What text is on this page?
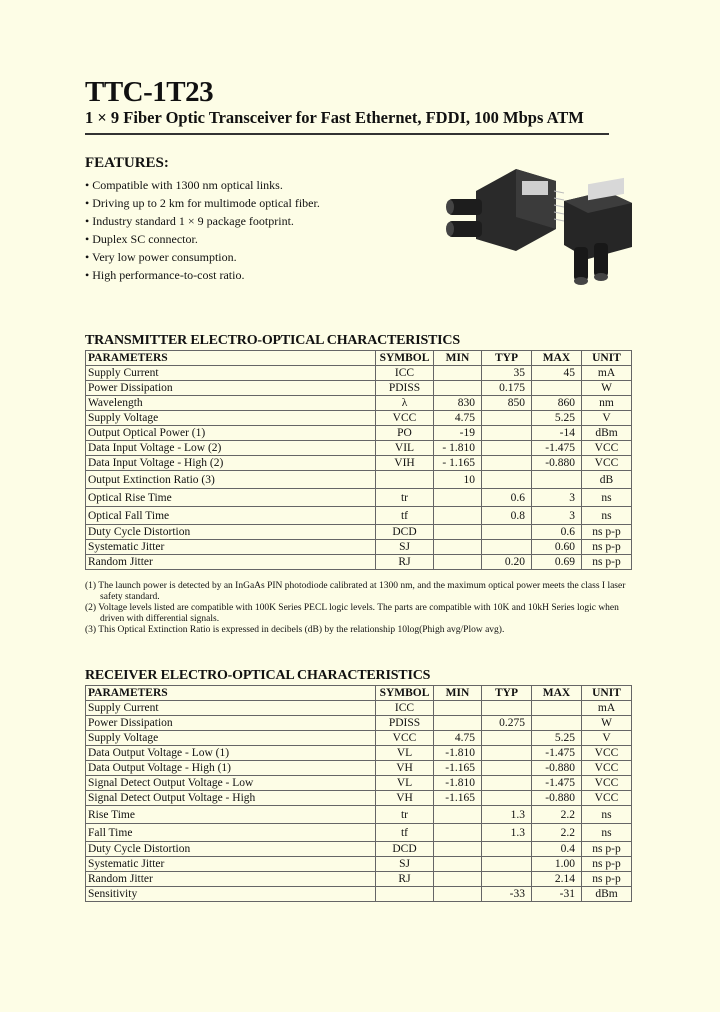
TTC-1T23
1 × 9 Fiber Optic Transceiver for Fast Ethernet, FDDI, 100 Mbps ATM
FEATURES:
• Compatible with 1300 nm optical links.
• Driving up to 2 km for multimode optical fiber.
• Industry standard 1 × 9 package footprint.
• Duplex SC connector.
• Very low power consumption.
• High performance-to-cost ratio.
TRANSMITTER ELECTRO-OPTICAL CHARACTERISTICS
PARAMETERS	SYMBOL	MIN	TYP	MAX	UNIT
Supply Current	ICC		35	45	mA
Power Dissipation	PDISS		0.175		W
Wavelength	λ	830	850	860	nm
Supply Voltage	VCC	4.75		5.25	V
Output Optical Power (1)	PO	-19		-14	dBm
Data Input Voltage - Low (2)	VIL	- 1.810		-1.475	VCC
Data Input Voltage - High (2)	VIH	- 1.165		-0.880	VCC
Output Extinction Ratio (3)		10			dB
Optical Rise Time	tr		0.6	3	ns
Optical Fall Time	tf		0.8	3	ns
Duty Cycle Distortion	DCD			0.6	ns p-p
Systematic Jitter	SJ			0.60	ns p-p
Random Jitter	RJ		0.20	0.69	ns p-p

(1) The launch power is detected by an InGaAs PIN photodiode calibrated at 1300 nm, and the maximum optical power meets the class I laser

safety standard.

(2) Voltage levels listed are compatible with 100K Series PECL logic levels. The parts are compatible with 10K and 10kH Series logic when

driven with differential signals.

(3) This Optical Extinction Ratio is expressed in decibels (dB) by the relationship 10log(Phigh avg/Plow avg).

RECEIVER ELECTRO-OPTICAL CHARACTERISTICS
PARAMETERS	SYMBOL	MIN	TYP	MAX	UNIT
Supply Current	ICC				mA
Power Dissipation	PDISS		0.275		W
Supply Voltage	VCC	4.75		5.25	V
Data Output Voltage - Low (1)	VL	-1.810		-1.475	VCC
Data Output Voltage - High (1)	VH	-1.165		-0.880	VCC
Signal Detect Output Voltage - Low	VL	-1.810		-1.475	VCC
Signal Detect Output Voltage - High	VH	-1.165		-0.880	VCC
Rise Time	tr		1.3	2.2	ns
Fall Time	tf		1.3	2.2	ns
Duty Cycle Distortion	DCD			0.4	ns p-p
Systematic Jitter	SJ			1.00	ns p-p
Random Jitter	RJ			2.14	ns p-p
Sensitivity			-33	-31	dBm
